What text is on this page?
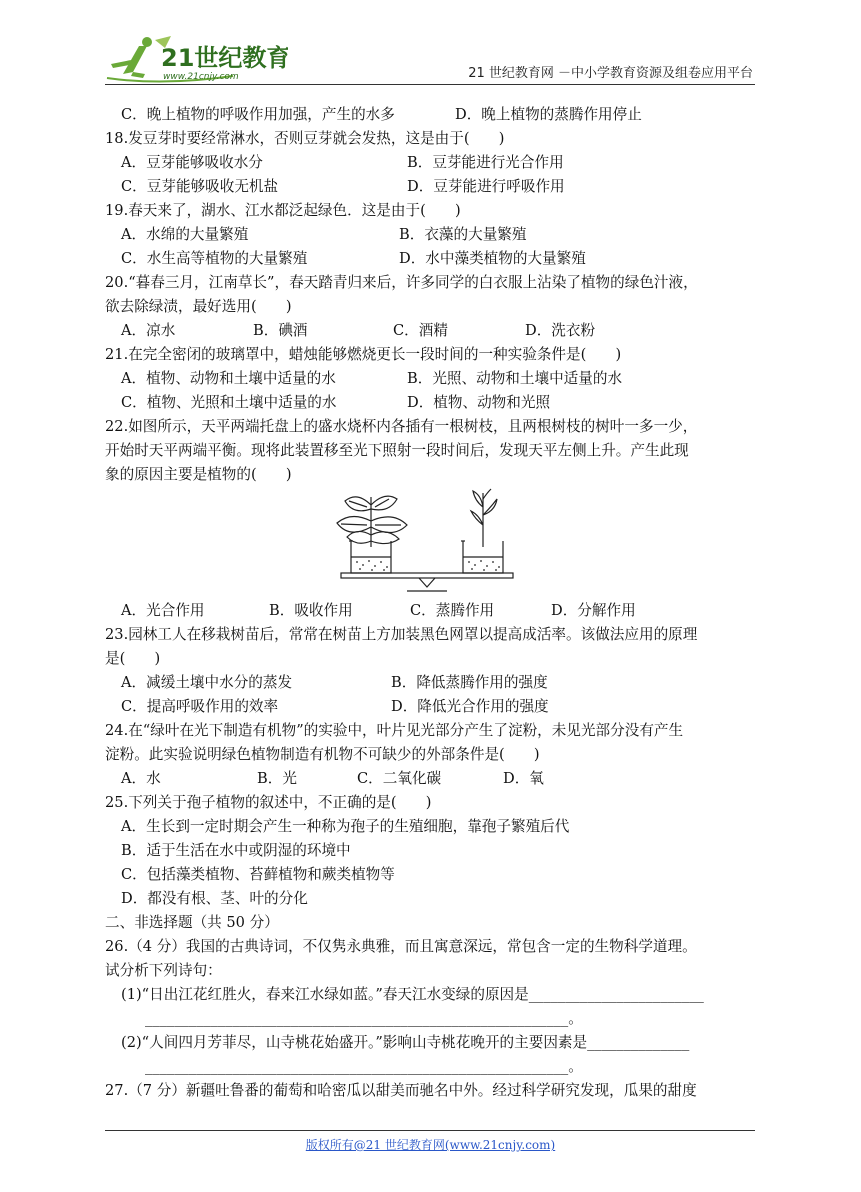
21世纪教育
www.21cnjy.com	21 世纪教育网 －中小学教育资源及组卷应用平台
C．晚上植物的呼吸作用加强，产生的水多	D．晚上植物的蒸腾作用停止
18.发豆芽时要经常淋水，否则豆芽就会发热，这是由于(　　)
A．豆芽能够吸收水分	B．豆芽能进行光合作用
C．豆芽能够吸收无机盐	D．豆芽能进行呼吸作用
19.春天来了，湖水、江水都泛起绿色．这是由于(　　)
A．水绵的大量繁殖	B．衣藻的大量繁殖
C．水生高等植物的大量繁殖	D．水中藻类植物的大量繁殖
20.“暮春三月，江南草长”，春天踏青归来后，许多同学的白衣服上沾染了植物的绿色汁液，
欲去除绿渍，最好选用(　　)
A．凉水	B．碘酒	C．酒精	D．洗衣粉
21.在完全密闭的玻璃罩中，蜡烛能够燃烧更长一段时间的一种实验条件是(　　)
A．植物、动物和土壤中适量的水	B．光照、动物和土壤中适量的水
C．植物、光照和土壤中适量的水	D．植物、动物和光照
22.如图所示，天平两端托盘上的盛水烧杯内各插有一根树枝，且两根树枝的树叶一多一少，
开始时天平两端平衡。现将此装置移至光下照射一段时间后，发现天平左侧上升。产生此现
象的原因主要是植物的(　　)
A．光合作用	B．吸收作用	C．蒸腾作用	D．分解作用
23.园林工人在移栽树苗后，常常在树苗上方加装黑色网罩以提高成活率。该做法应用的原理
是(　　)
A．减缓土壤中水分的蒸发	B．降低蒸腾作用的强度
C．提高呼吸作用的效率	D．降低光合作用的强度
24.在“绿叶在光下制造有机物”的实验中，叶片见光部分产生了淀粉，未见光部分没有产生
淀粉。此实验说明绿色植物制造有机物不可缺少的外部条件是(　　)
A．水	B．光	C．二氧化碳	D．氧
25.下列关于孢子植物的叙述中，不正确的是(　　)
A．生长到一定时期会产生一种称为孢子的生殖细胞，靠孢子繁殖后代
B．适于生活在水中或阴湿的环境中
C．包括藻类植物、苔藓植物和蕨类植物等
D．都没有根、茎、叶的分化
二、非选择题（共 50 分）
26.（4 分）我国的古典诗词，不仅隽永典雅，而且寓意深远，常包含一定的生物科学道理。
试分析下列诗句：
(1)“日出江花红胜火，春来江水绿如蓝。”春天江水变绿的原因是________________________
__________________________________________________________。
(2)“人间四月芳菲尽，山寺桃花始盛开。”影响山寺桃花晚开的主要因素是______________
__________________________________________________________。
27.（7 分）新疆吐鲁番的葡萄和哈密瓜以甜美而驰名中外。经过科学研究发现，瓜果的甜度
版权所有@21 世纪教育网(www.21cnjy.com)
